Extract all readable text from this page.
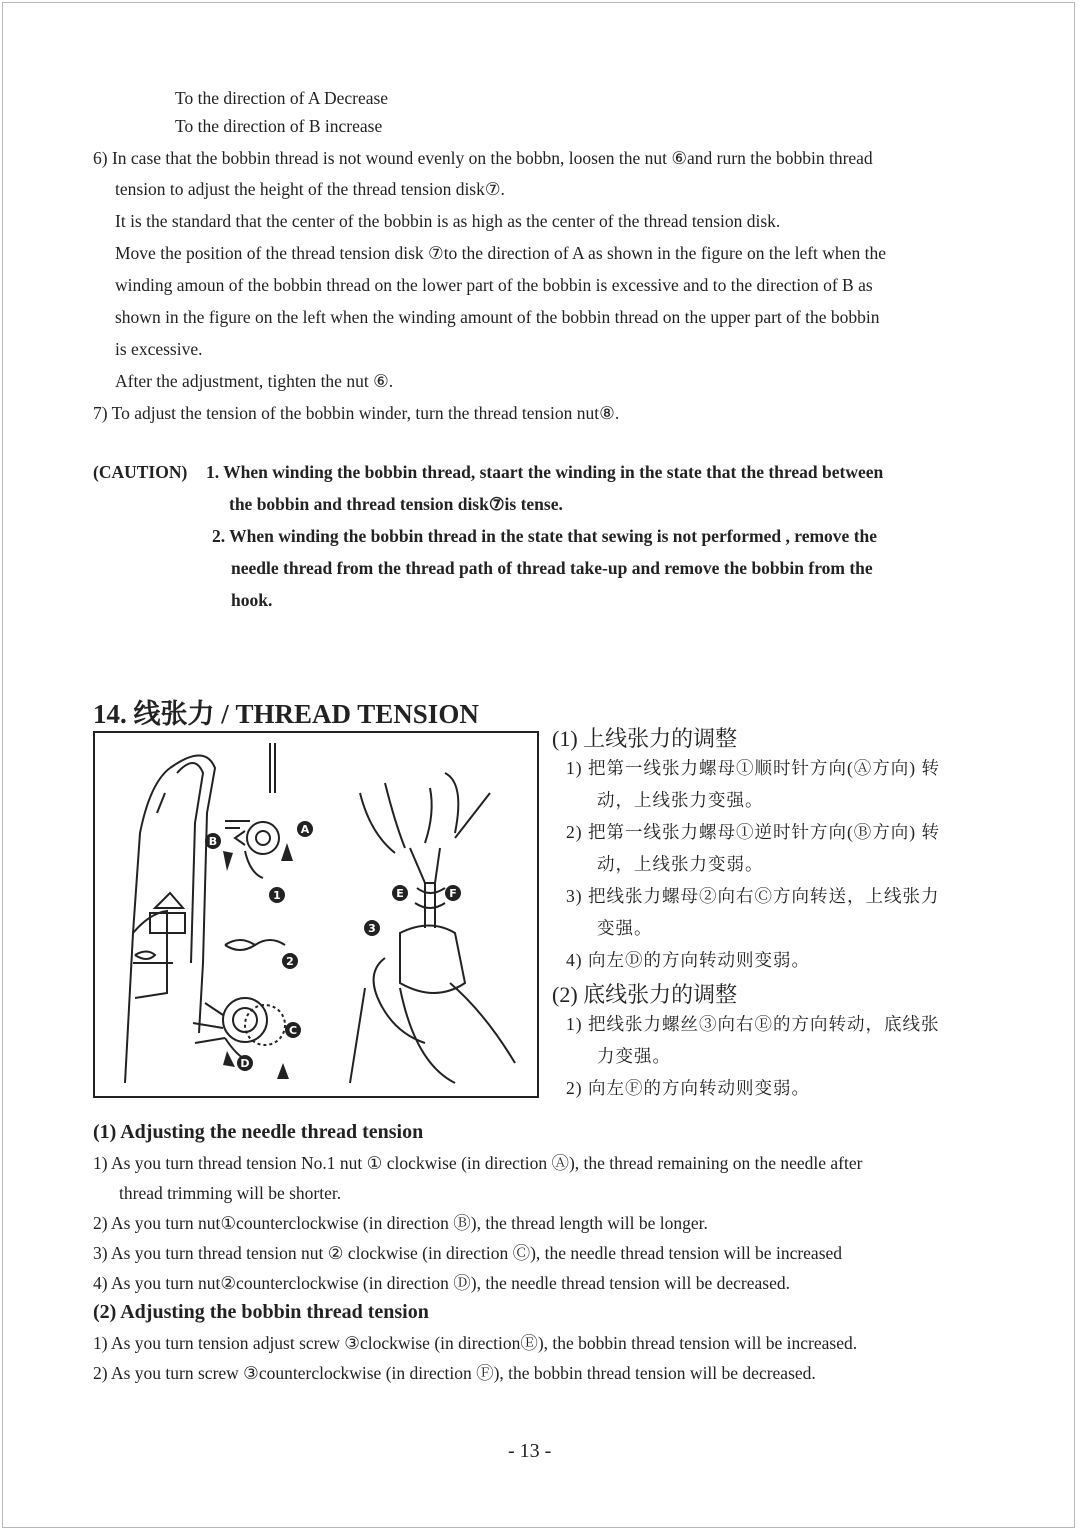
To the direction of A Decrease
To the direction of B increase
6) In case that the bobbin thread is not wound evenly on the bobbn, loosen the nut ⑥and rurn the bobbin thread
tension to adjust the height of the thread tension disk⑦.
It is the standard that the center of the bobbin is as high as the center of the thread tension disk.
Move the position of the thread tension disk ⑦to the direction of A as shown in the figure on the left when the
winding amoun of the bobbin thread on the lower part of the bobbin is excessive and to the direction of B as
shown in the figure on the left when the winding amount of the bobbin thread on the upper part of the bobbin
is excessive.
After the adjustment, tighten the nut ⑥.
7) To adjust the tension of the bobbin winder, turn the thread tension nut⑧.
(CAUTION) 1. When winding the bobbin thread, staart the winding in the state that the thread between
the bobbin and thread tension disk⑦is tense.
2. When winding the bobbin thread in the state that sewing is not performed , remove the
needle thread from the thread path of thread take-up and remove the bobbin from the
hook.
14. 线张力 / THREAD TENSION
A
B
1
2
C
D
E	F
3
(1) 上线张力的调整
1) 把第一线张力螺母①顺时针方向(Ⓐ方向) 转
动，上线张力变强。
2) 把第一线张力螺母①逆时针方向(Ⓑ方向) 转
动，上线张力变弱。
3) 把线张力螺母②向右Ⓒ方向转送，上线张力
变强。
4) 向左Ⓓ的方向转动则变弱。
(2) 底线张力的调整
1) 把线张力螺丝③向右Ⓔ的方向转动，底线张
力变强。
2) 向左Ⓕ的方向转动则变弱。
(1) Adjusting the needle thread tension
1) As you turn thread tension No.1 nut ① clockwise (in direction Ⓐ), the thread remaining on the needle after
thread trimming will be shorter.
2) As you turn nut①counterclockwise (in direction Ⓑ), the thread length will be longer.
3) As you turn thread tension nut ② clockwise (in direction Ⓒ), the needle thread tension will be increased
4) As you turn nut②counterclockwise (in direction Ⓓ), the needle thread tension will be decreased.
(2) Adjusting the bobbin thread tension
1) As you turn tension adjust screw ③clockwise (in directionⒺ), the bobbin thread tension will be increased.
2) As you turn screw ③counterclockwise (in direction Ⓕ), the bobbin thread tension will be decreased.
- 13 -
